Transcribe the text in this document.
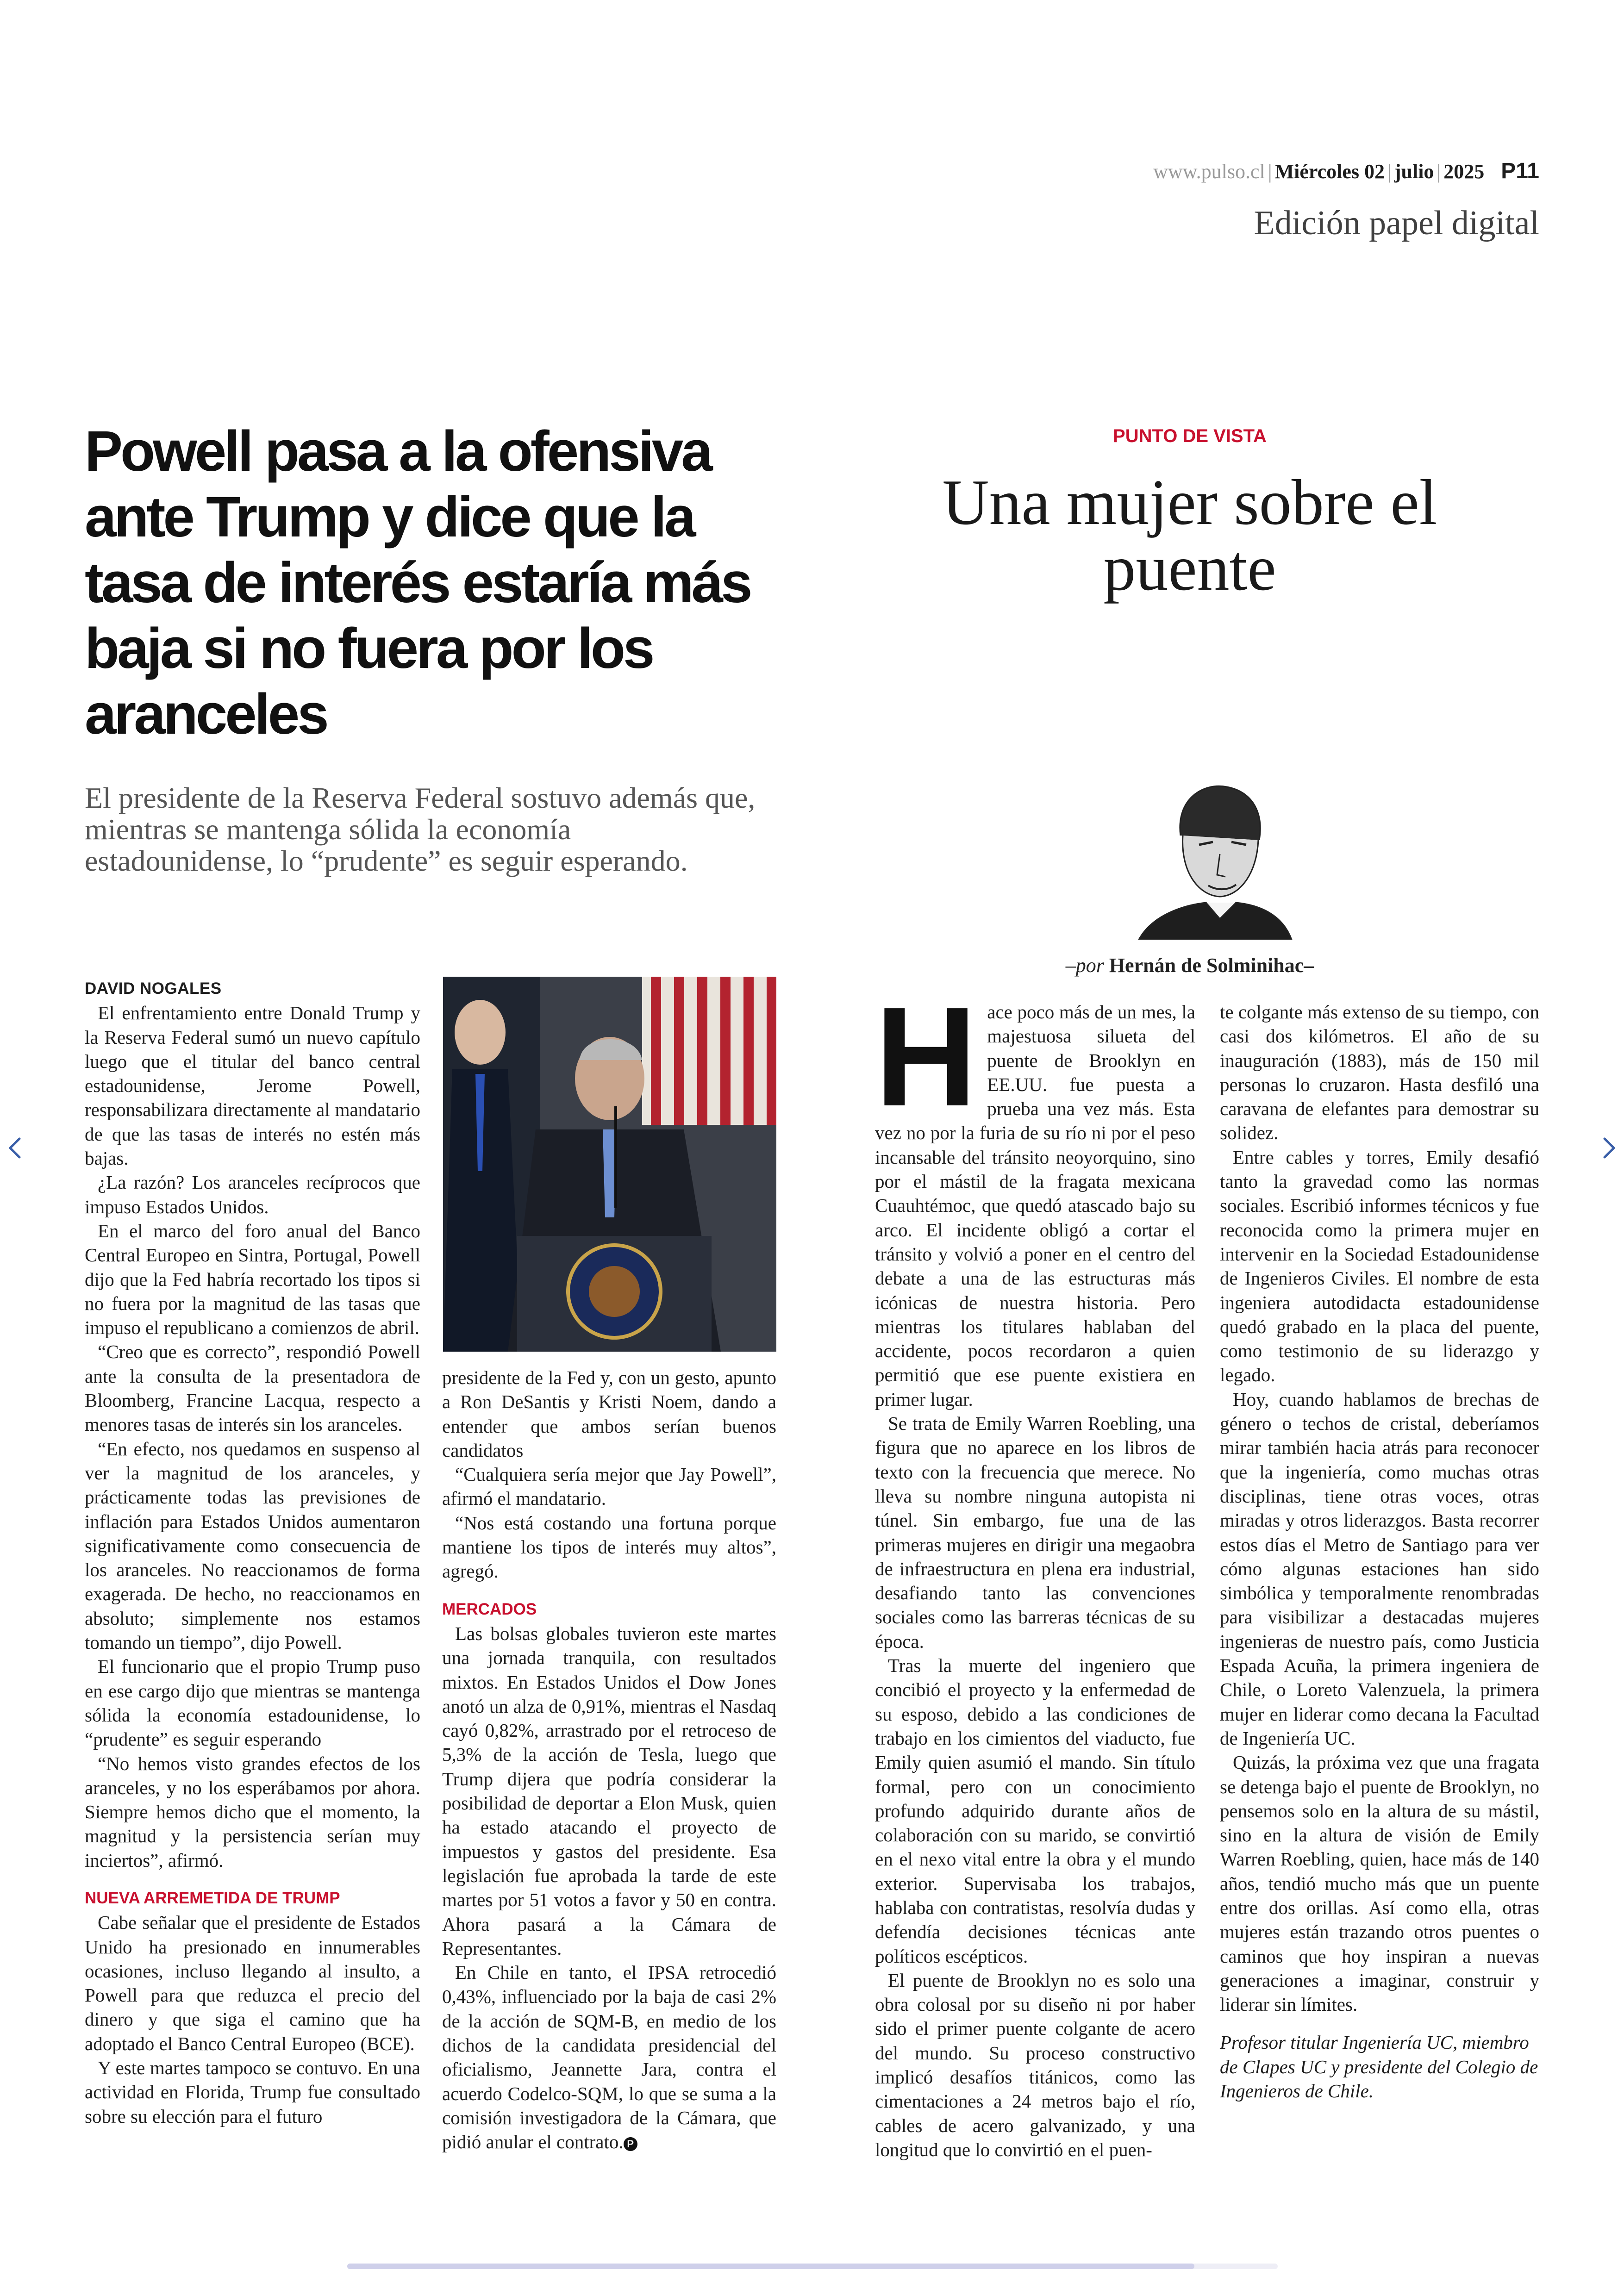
www.pulso.cl | Miércoles 02 | julio | 2025 P11
Edición papel digital
Powell pasa a la ofensiva ante Trump y dice que la tasa de interés estaría más baja si no fuera por los aranceles

El presidente de la Reserva Federal sostuvo además que, mientras se mantenga sólida la economía estadounidense, lo “prudente” es seguir esperando.

PUNTO DE VISTA
Una mujer sobre el puente
–por Hernán de Solminihac–

DAVID NOGALES

El enfrentamiento entre Donald Trump y la Reserva Federal sumó un nuevo capítulo luego que el titular del banco central estadounidense, Jerome Powell, responsabilizara directamente al mandatario de que las tasas de interés no estén más bajas.

¿La razón? Los aranceles recíprocos que impuso Estados Unidos.

En el marco del foro anual del Banco Central Europeo en Sintra, Portugal, Powell dijo que la Fed habría recortado los tipos si no fuera por la magnitud de las tasas que impuso el republicano a comienzos de abril.

“Creo que es correcto”, respondió Powell ante la consulta de la presentadora de Bloomberg, Francine Lacqua, respecto a menores tasas de interés sin los aranceles.

“En efecto, nos quedamos en suspenso al ver la magnitud de los aranceles, y prácticamente todas las previsiones de inflación para Estados Unidos aumentaron significativamente como consecuencia de los aranceles. No reaccionamos de forma exagerada. De hecho, no reaccionamos en absoluto; simplemente nos estamos tomando un tiempo”, dijo Powell.

El funcionario que el propio Trump puso en ese cargo dijo que mientras se mantenga sólida la economía estadounidense, lo “prudente” es seguir esperando

“No hemos visto grandes efectos de los aranceles, y no los esperábamos por ahora. Siempre hemos dicho que el momento, la magnitud y la persistencia serían muy inciertos”, afirmó.

NUEVA ARREMETIDA DE TRUMP

Cabe señalar que el presidente de Estados Unido ha presionado en innumerables ocasiones, incluso llegando al insulto, a Powell para que reduzca el precio del dinero y que siga el camino que ha adoptado el Banco Central Europeo (BCE).

Y este martes tampoco se contuvo. En una actividad en Florida, Trump fue consultado sobre su elección para el futuro

presidente de la Fed y, con un gesto, apunto a Ron DeSantis y Kristi Noem, dando a entender que ambos serían buenos candidatos

“Cualquiera sería mejor que Jay Powell”, afirmó el mandatario.

“Nos está costando una fortuna porque mantiene los tipos de interés muy altos”, agregó.

MERCADOS

Las bolsas globales tuvieron este martes una jornada tranquila, con resultados mixtos. En Estados Unidos el Dow Jones anotó un alza de 0,91%, mientras el Nasdaq cayó 0,82%, arrastrado por el retroceso de 5,3% de la acción de Tesla, luego que Trump dijera que podría considerar la posibilidad de deportar a Elon Musk, quien ha estado atacando el proyecto de impuestos y gastos del presidente. Esa legislación fue aprobada la tarde de este martes por 51 votos a favor y 50 en contra. Ahora pasará a la Cámara de Representantes.

En Chile en tanto, el IPSA retrocedió 0,43%, influenciado por la baja de casi 2% de la acción de SQM-B, en medio de los dichos de la candidata presidencial del oficialismo, Jeannette Jara, contra el acuerdo Codelco-SQM, lo que se suma a la comisión investigadora de la Cámara, que pidió anular el contrato. P

Hace poco más de un mes, la majestuosa silueta del puente de Brooklyn en EE.UU. fue puesta a prueba una vez más. Esta vez no por la furia de su río ni por el peso incansable del tránsito neoyorquino, sino por el mástil de la fragata mexicana Cuauhtémoc, que quedó atascado bajo su arco. El incidente obligó a cortar el tránsito y volvió a poner en el centro del debate a una de las estructuras más icónicas de nuestra historia. Pero mientras los titulares hablaban del accidente, pocos recordaron a quien permitió que ese puente existiera en primer lugar.

Se trata de Emily Warren Roebling, una figura que no aparece en los libros de texto con la frecuencia que merece. No lleva su nombre ninguna autopista ni túnel. Sin embargo, fue una de las primeras mujeres en dirigir una megaobra de infraestructura en plena era industrial, desafiando tanto las convenciones sociales como las barreras técnicas de su época.

Tras la muerte del ingeniero que concibió el proyecto y la enfermedad de su esposo, debido a las condiciones de trabajo en los cimientos del viaducto, fue Emily quien asumió el mando. Sin título formal, pero con un conocimiento profundo adquirido durante años de colaboración con su marido, se convirtió en el nexo vital entre la obra y el mundo exterior. Supervisaba los trabajos, hablaba con contratistas, resolvía dudas y defendía decisiones técnicas ante políticos escépticos.

El puente de Brooklyn no es solo una obra colosal por su diseño ni por haber sido el primer puente colgante de acero del mundo. Su proceso constructivo implicó desafíos titánicos, como las cimentaciones a 24 metros bajo el río, cables de acero galvanizado, y una longitud que lo convirtió en el puen-

te colgante más extenso de su tiempo, con casi dos kilómetros. El año de su inauguración (1883), más de 150 mil personas lo cruzaron. Hasta desfiló una caravana de elefantes para demostrar su solidez.

Entre cables y torres, Emily desafió tanto la gravedad como las normas sociales. Escribió informes técnicos y fue reconocida como la primera mujer en intervenir en la Sociedad Estadounidense de Ingenieros Civiles. El nombre de esta ingeniera autodidacta estadounidense quedó grabado en la placa del puente, como testimonio de su liderazgo y legado.

Hoy, cuando hablamos de brechas de género o techos de cristal, deberíamos mirar también hacia atrás para reconocer que la ingeniería, como muchas otras disciplinas, tiene otras voces, otras miradas y otros liderazgos. Basta recorrer estos días el Metro de Santiago para ver cómo algunas estaciones han sido simbólica y temporalmente renombradas para visibilizar a destacadas mujeres ingenieras de nuestro país, como Justicia Espada Acuña, la primera ingeniera de Chile, o Loreto Valenzuela, la primera mujer en liderar como decana la Facultad de Ingeniería UC.

Quizás, la próxima vez que una fragata se detenga bajo el puente de Brooklyn, no pensemos solo en la altura de su mástil, sino en la altura de visión de Emily Warren Roebling, quien, hace más de 140 años, tendió mucho más que un puente entre dos orillas. Así como ella, otras mujeres están trazando otros puentes o caminos que hoy inspiran a nuevas generaciones a imaginar, construir y liderar sin límites.

Profesor titular Ingeniería UC, miembro de Clapes UC y presidente del Colegio de Ingenieros de Chile.
